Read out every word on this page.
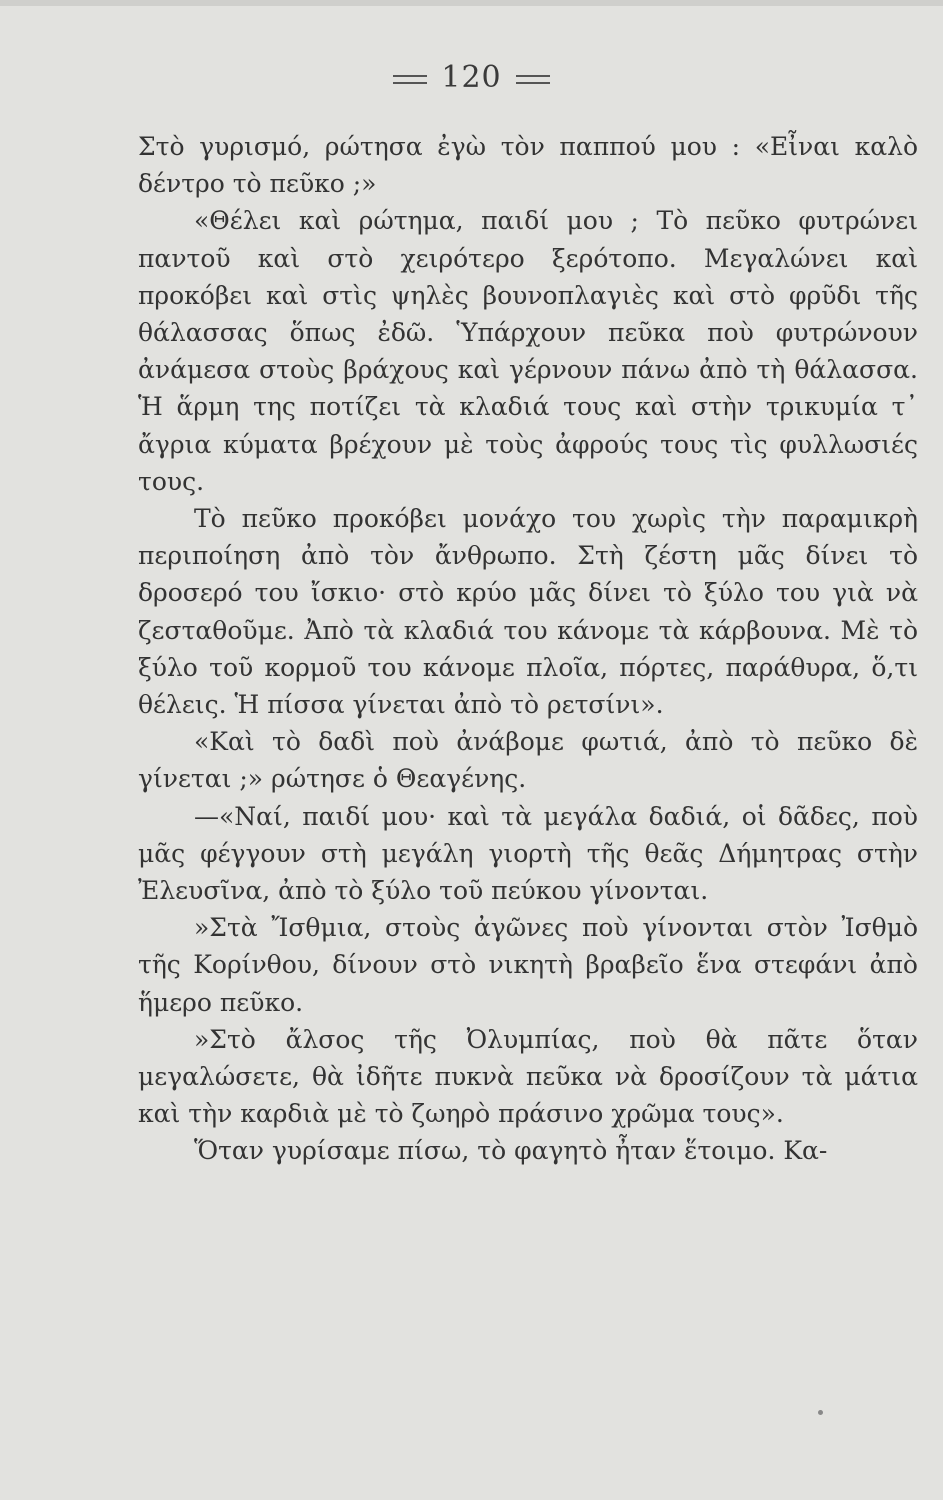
120

Στὸ γυρισμό, ρώτησα ἐγὼ τὸν παππού μου : «Εἶναι καλὸ δέντρο τὸ πεῦκο ;»

«Θέλει καὶ ρώτημα, παιδί μου ; Τὸ πεῦκο φυτρώνει παντοῦ καὶ στὸ χειρότερο ξερότοπο. Μεγαλώνει καὶ προκόβει καὶ στὶς ψηλὲς βουνοπλαγιὲς καὶ στὸ φρῦδι τῆς θάλασσας ὅπως ἐδῶ. Ὑπάρχουν πεῦκα ποὺ φυτρώνουν ἀνάμεσα στοὺς βράχους καὶ γέρνουν πάνω ἀπὸ τὴ θάλασσα. Ἡ ἅρμη της ποτίζει τὰ κλαδιά τους καὶ στὴν τρικυμία τ᾽ ἄγρια κύματα βρέχουν μὲ τοὺς ἀφρούς τους τὶς φυλλωσιές τους.

Τὸ πεῦκο προκόβει μονάχο του χωρὶς τὴν παραμικρὴ περιποίηση ἀπὸ τὸν ἄνθρωπο. Στὴ ζέστη μᾶς δίνει τὸ δροσερό του ἴσκιο· στὸ κρύο μᾶς δίνει τὸ ξύλο του γιὰ νὰ ζεσταθοῦμε. Ἀπὸ τὰ κλαδιά του κάνομε τὰ κάρβουνα. Μὲ τὸ ξύλο τοῦ κορμοῦ του κάνομε πλοῖα, πόρτες, παράθυρα, ὅ,τι θέλεις. Ἡ πίσσα γίνεται ἀπὸ τὸ ρετσίνι».

«Καὶ τὸ δαδὶ ποὺ ἀνάβομε φωτιά, ἀπὸ τὸ πεῦκο δὲ γίνεται ;» ρώτησε ὁ Θεαγένης.

—«Ναί, παιδί μου· καὶ τὰ μεγάλα δαδιά, οἱ δᾶδες, ποὺ μᾶς φέγγουν στὴ μεγάλη γιορτὴ τῆς θεᾶς Δήμητρας στὴν Ἐλευσῖνα, ἀπὸ τὸ ξύλο τοῦ πεύκου γίνονται.

»Στὰ Ἴσθμια, στοὺς ἀγῶνες ποὺ γίνονται στὸν Ἰσθμὸ τῆς Κορίνθου, δίνουν στὸ νικητὴ βραβεῖο ἕνα στεφάνι ἀπὸ ἥμερο πεῦκο.

»Στὸ ἄλσος τῆς Ὀλυμπίας, ποὺ θὰ πᾶτε ὅταν μεγαλώσετε, θὰ ἰδῆτε πυκνὰ πεῦκα νὰ δροσίζουν τὰ μάτια καὶ τὴν καρδιὰ μὲ τὸ ζωηρὸ πράσινο χρῶμα τους».

Ὅταν γυρίσαμε πίσω, τὸ φαγητὸ ἦταν ἕτοιμο. Κα-
